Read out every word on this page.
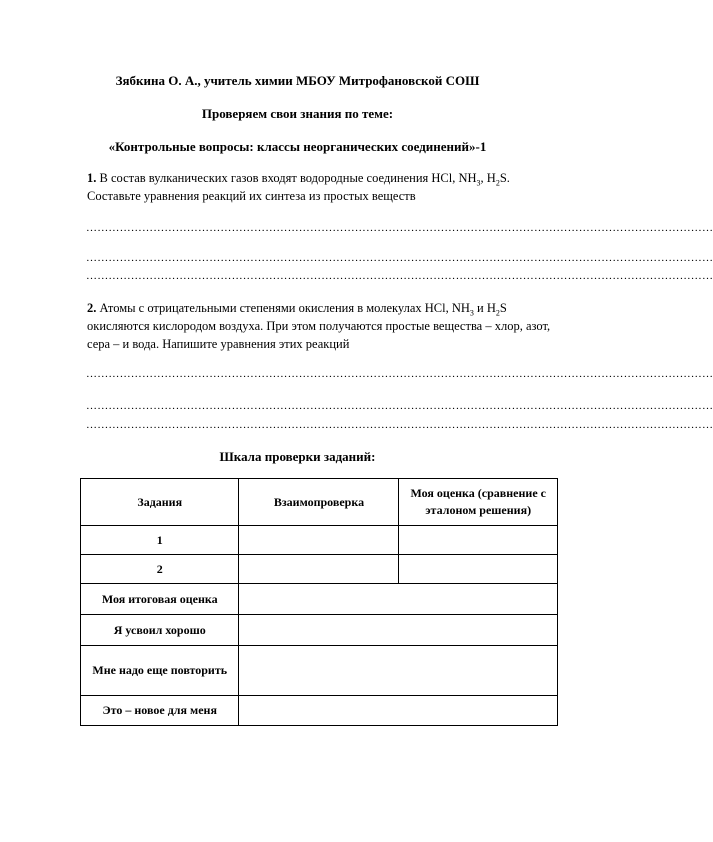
Зябкина О. А., учитель химии МБОУ Митрофановской СОШ

Проверяем свои знания по теме:

«Контрольные вопросы: классы неорганических соединений»-1

1. В состав вулканических газов входят водородные соединения HCl, $NH_3$, $H_2S$. Составьте уравнения реакций их синтеза из простых веществ

……………………………………………………………………………………………………………………………………………………
……………………………………………………………………………………………………………………………………………………
……………………………………………………………………………………………………………………………………………………

2. Атомы с отрицательными степенями окисления в молекулах HCl, $NH_3$ и $H_2S$ окисляются кислородом воздуха. При этом получаются простые вещества – хлор, азот, сера – и вода. Напишите уравнения этих реакций

……………………………………………………………………………………………………………………………………………………
……………………………………………………………………………………………………………………………………………………
……………………………………………………………………………………………………………………………………………………

Шкала проверки заданий:

Задания	Взаимопроверка	Моя оценка (сравнение с эталоном решения)
1		
2		
Моя итоговая оценка		
Я усвоил хорошо		
Мне надо еще повторить		
Это – новое для меня		
